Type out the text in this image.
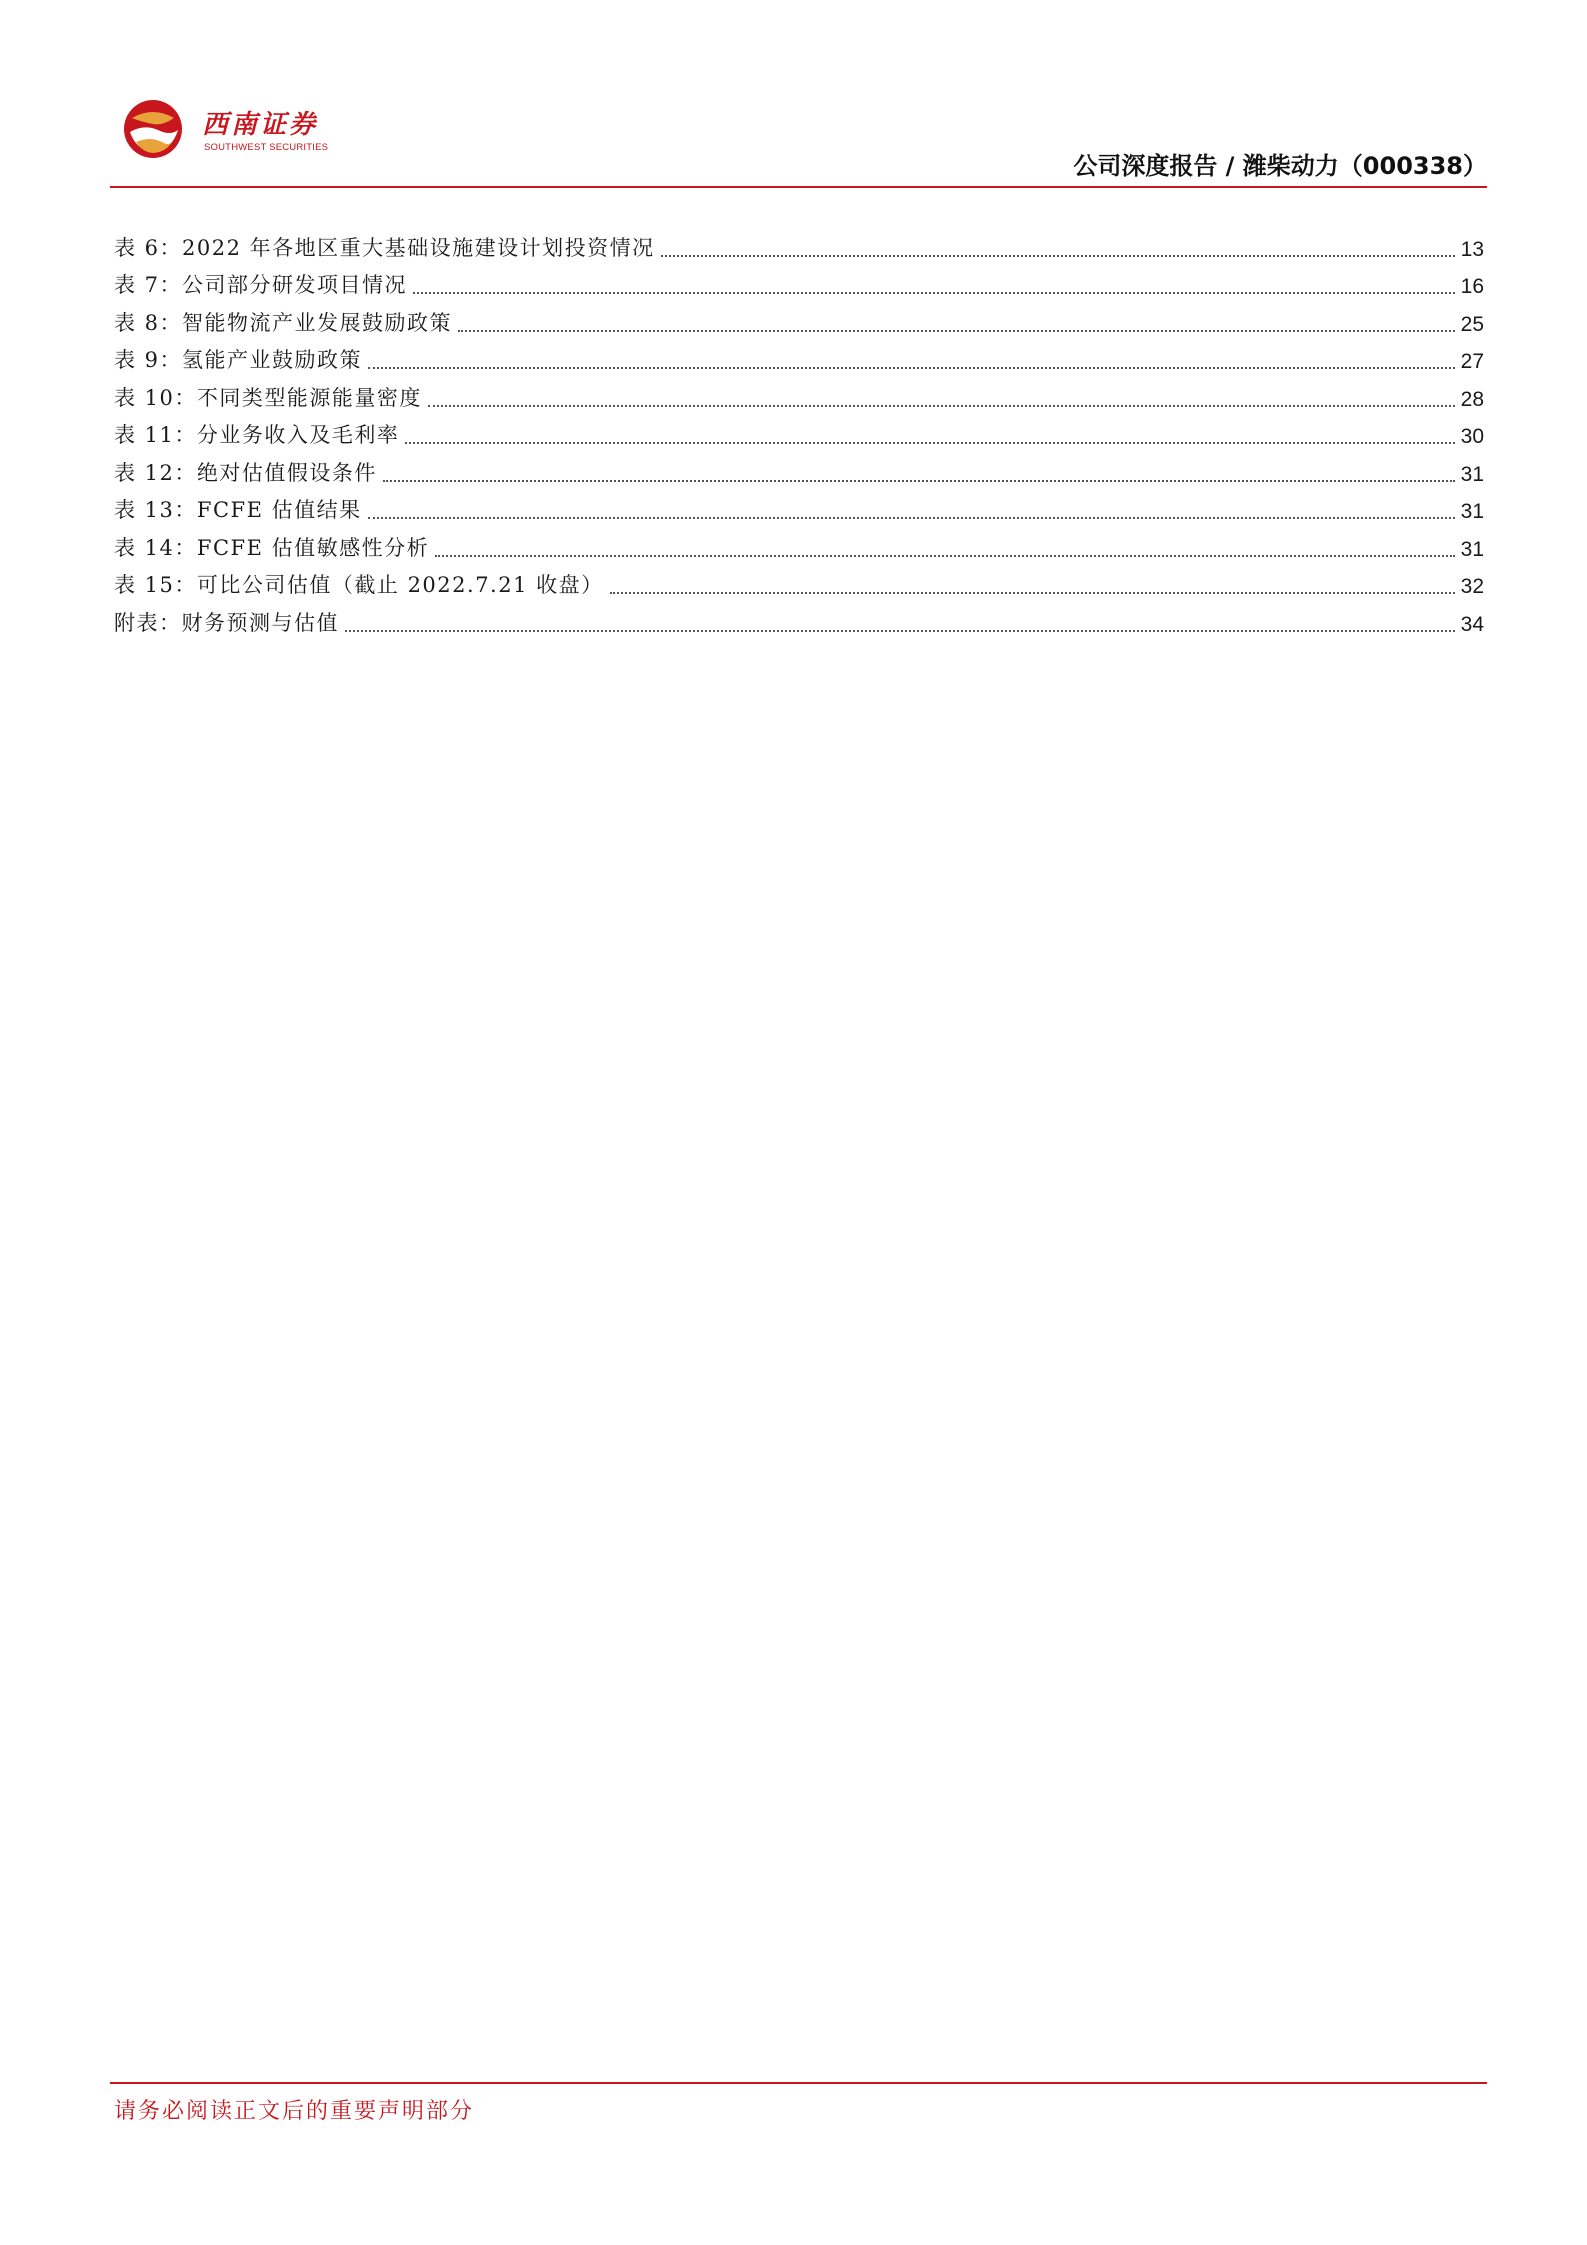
西南证券
SOUTHWEST SECURITIES
公司深度报告 / 潍柴动力（000338）
表 6：2022 年各地区重大基础设施建设计划投资情况	13
表 7：公司部分研发项目情况	16
表 8：智能物流产业发展鼓励政策	25
表 9：氢能产业鼓励政策	27
表 10：不同类型能源能量密度	28
表 11：分业务收入及毛利率	30
表 12：绝对估值假设条件	31
表 13：FCFE 估值结果	31
表 14：FCFE 估值敏感性分析	31
表 15：可比公司估值（截止 2022.7.21 收盘）	32
附表：财务预测与估值	34
请务必阅读正文后的重要声明部分
